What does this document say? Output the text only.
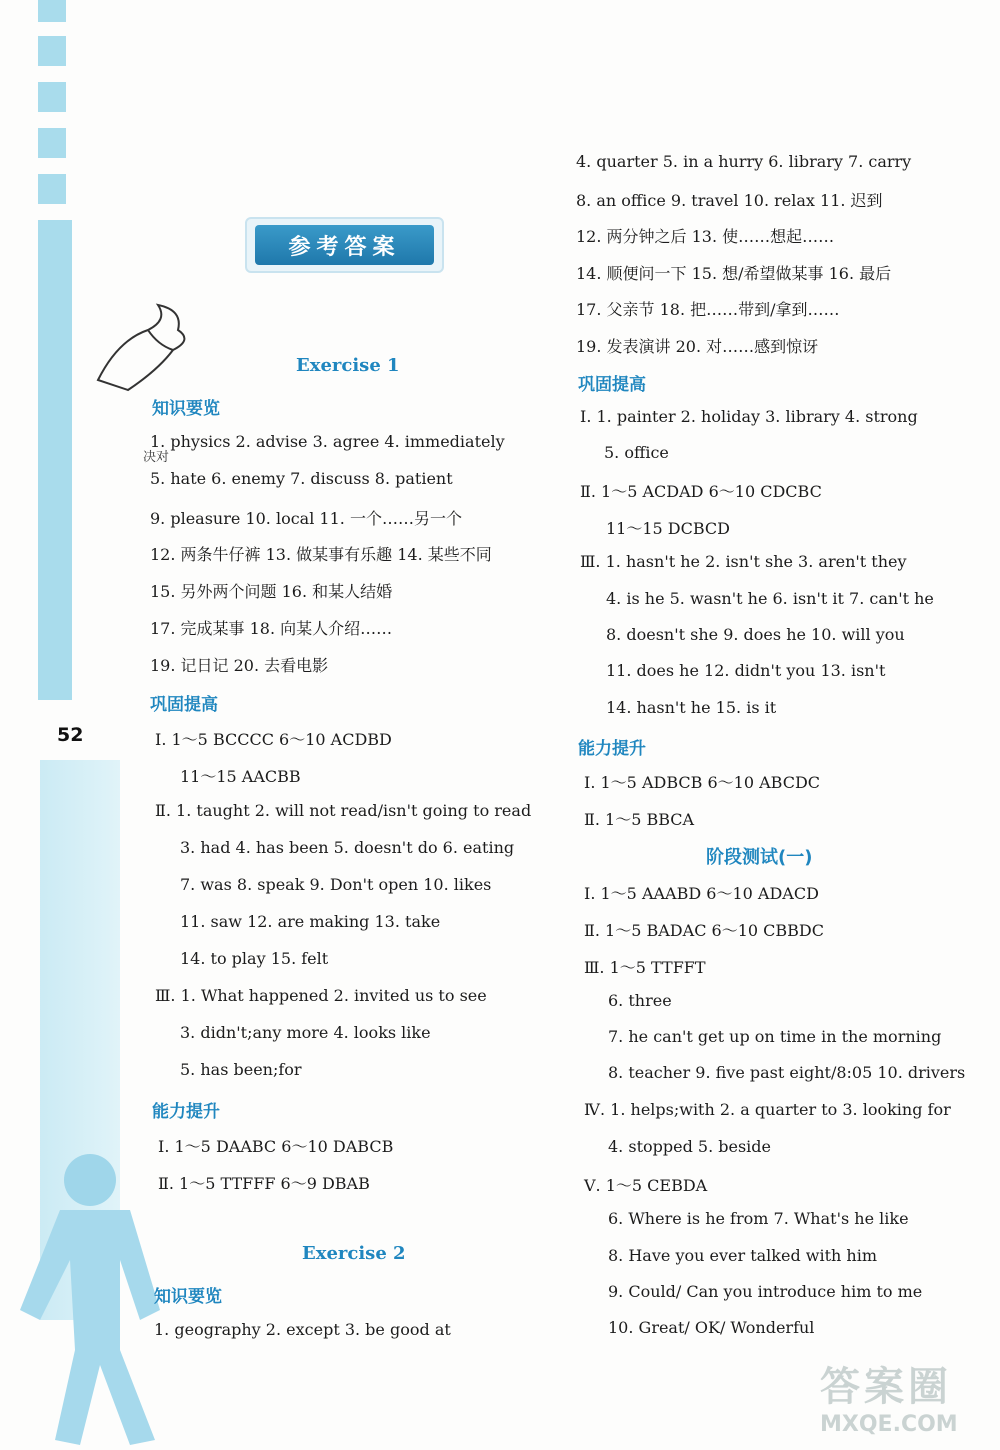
52
参考答案
决对
Exercise 1
知识要览
1. physics 2. advise 3. agree 4. immediately
5. hate 6. enemy 7. discuss 8. patient
9. pleasure 10. local 11. 一个……另一个
12. 两条牛仔裤 13. 做某事有乐趣 14. 某些不同
15. 另外两个问题 16. 和某人结婚
17. 完成某事 18. 向某人介绍……
19. 记日记 20. 去看电影
巩固提高
Ⅰ. 1～5 BCCCC 6～10 ACDBD
11～15 AACBB
Ⅱ. 1. taught 2. will not read/isn't going to read
3. had 4. has been 5. doesn't do 6. eating
7. was 8. speak 9. Don't open 10. likes
11. saw 12. are making 13. take
14. to play 15. felt
Ⅲ. 1. What happened 2. invited us to see
3. didn't;any more 4. looks like
5. has been;for
能力提升
Ⅰ. 1～5 DAABC 6～10 DABCB
Ⅱ. 1～5 TTFFF 6～9 DBAB
Exercise 2
知识要览
1. geography 2. except 3. be good at
4. quarter 5. in a hurry 6. library 7. carry
8. an office 9. travel 10. relax 11. 迟到
12. 两分钟之后 13. 使……想起……
14. 顺便问一下 15. 想/希望做某事 16. 最后
17. 父亲节 18. 把……带到/拿到……
19. 发表演讲 20. 对……感到惊讶
巩固提高
Ⅰ. 1. painter 2. holiday 3. library 4. strong
5. office
Ⅱ. 1～5 ACDAD 6～10 CDCBC
11～15 DCBCD
Ⅲ. 1. hasn't he 2. isn't she 3. aren't they
4. is he 5. wasn't he 6. isn't it 7. can't he
8. doesn't she 9. does he 10. will you
11. does he 12. didn't you 13. isn't
14. hasn't he 15. is it
能力提升
Ⅰ. 1～5 ADBCB 6～10 ABCDC
Ⅱ. 1～5 BBCA
阶段测试(一)
Ⅰ. 1～5 AAABD 6～10 ADACD
Ⅱ. 1～5 BADAC 6～10 CBBDC
Ⅲ. 1～5 TTFFT
6. three
7. he can't get up on time in the morning
8. teacher 9. five past eight/8:05 10. drivers
Ⅳ. 1. helps;with 2. a quarter to 3. looking for
4. stopped 5. beside
Ⅴ. 1～5 CEBDA
6. Where is he from 7. What's he like
8. Have you ever talked with him
9. Could/ Can you introduce him to me
10. Great/ OK/ Wonderful
答案圈
MXQE.COM
